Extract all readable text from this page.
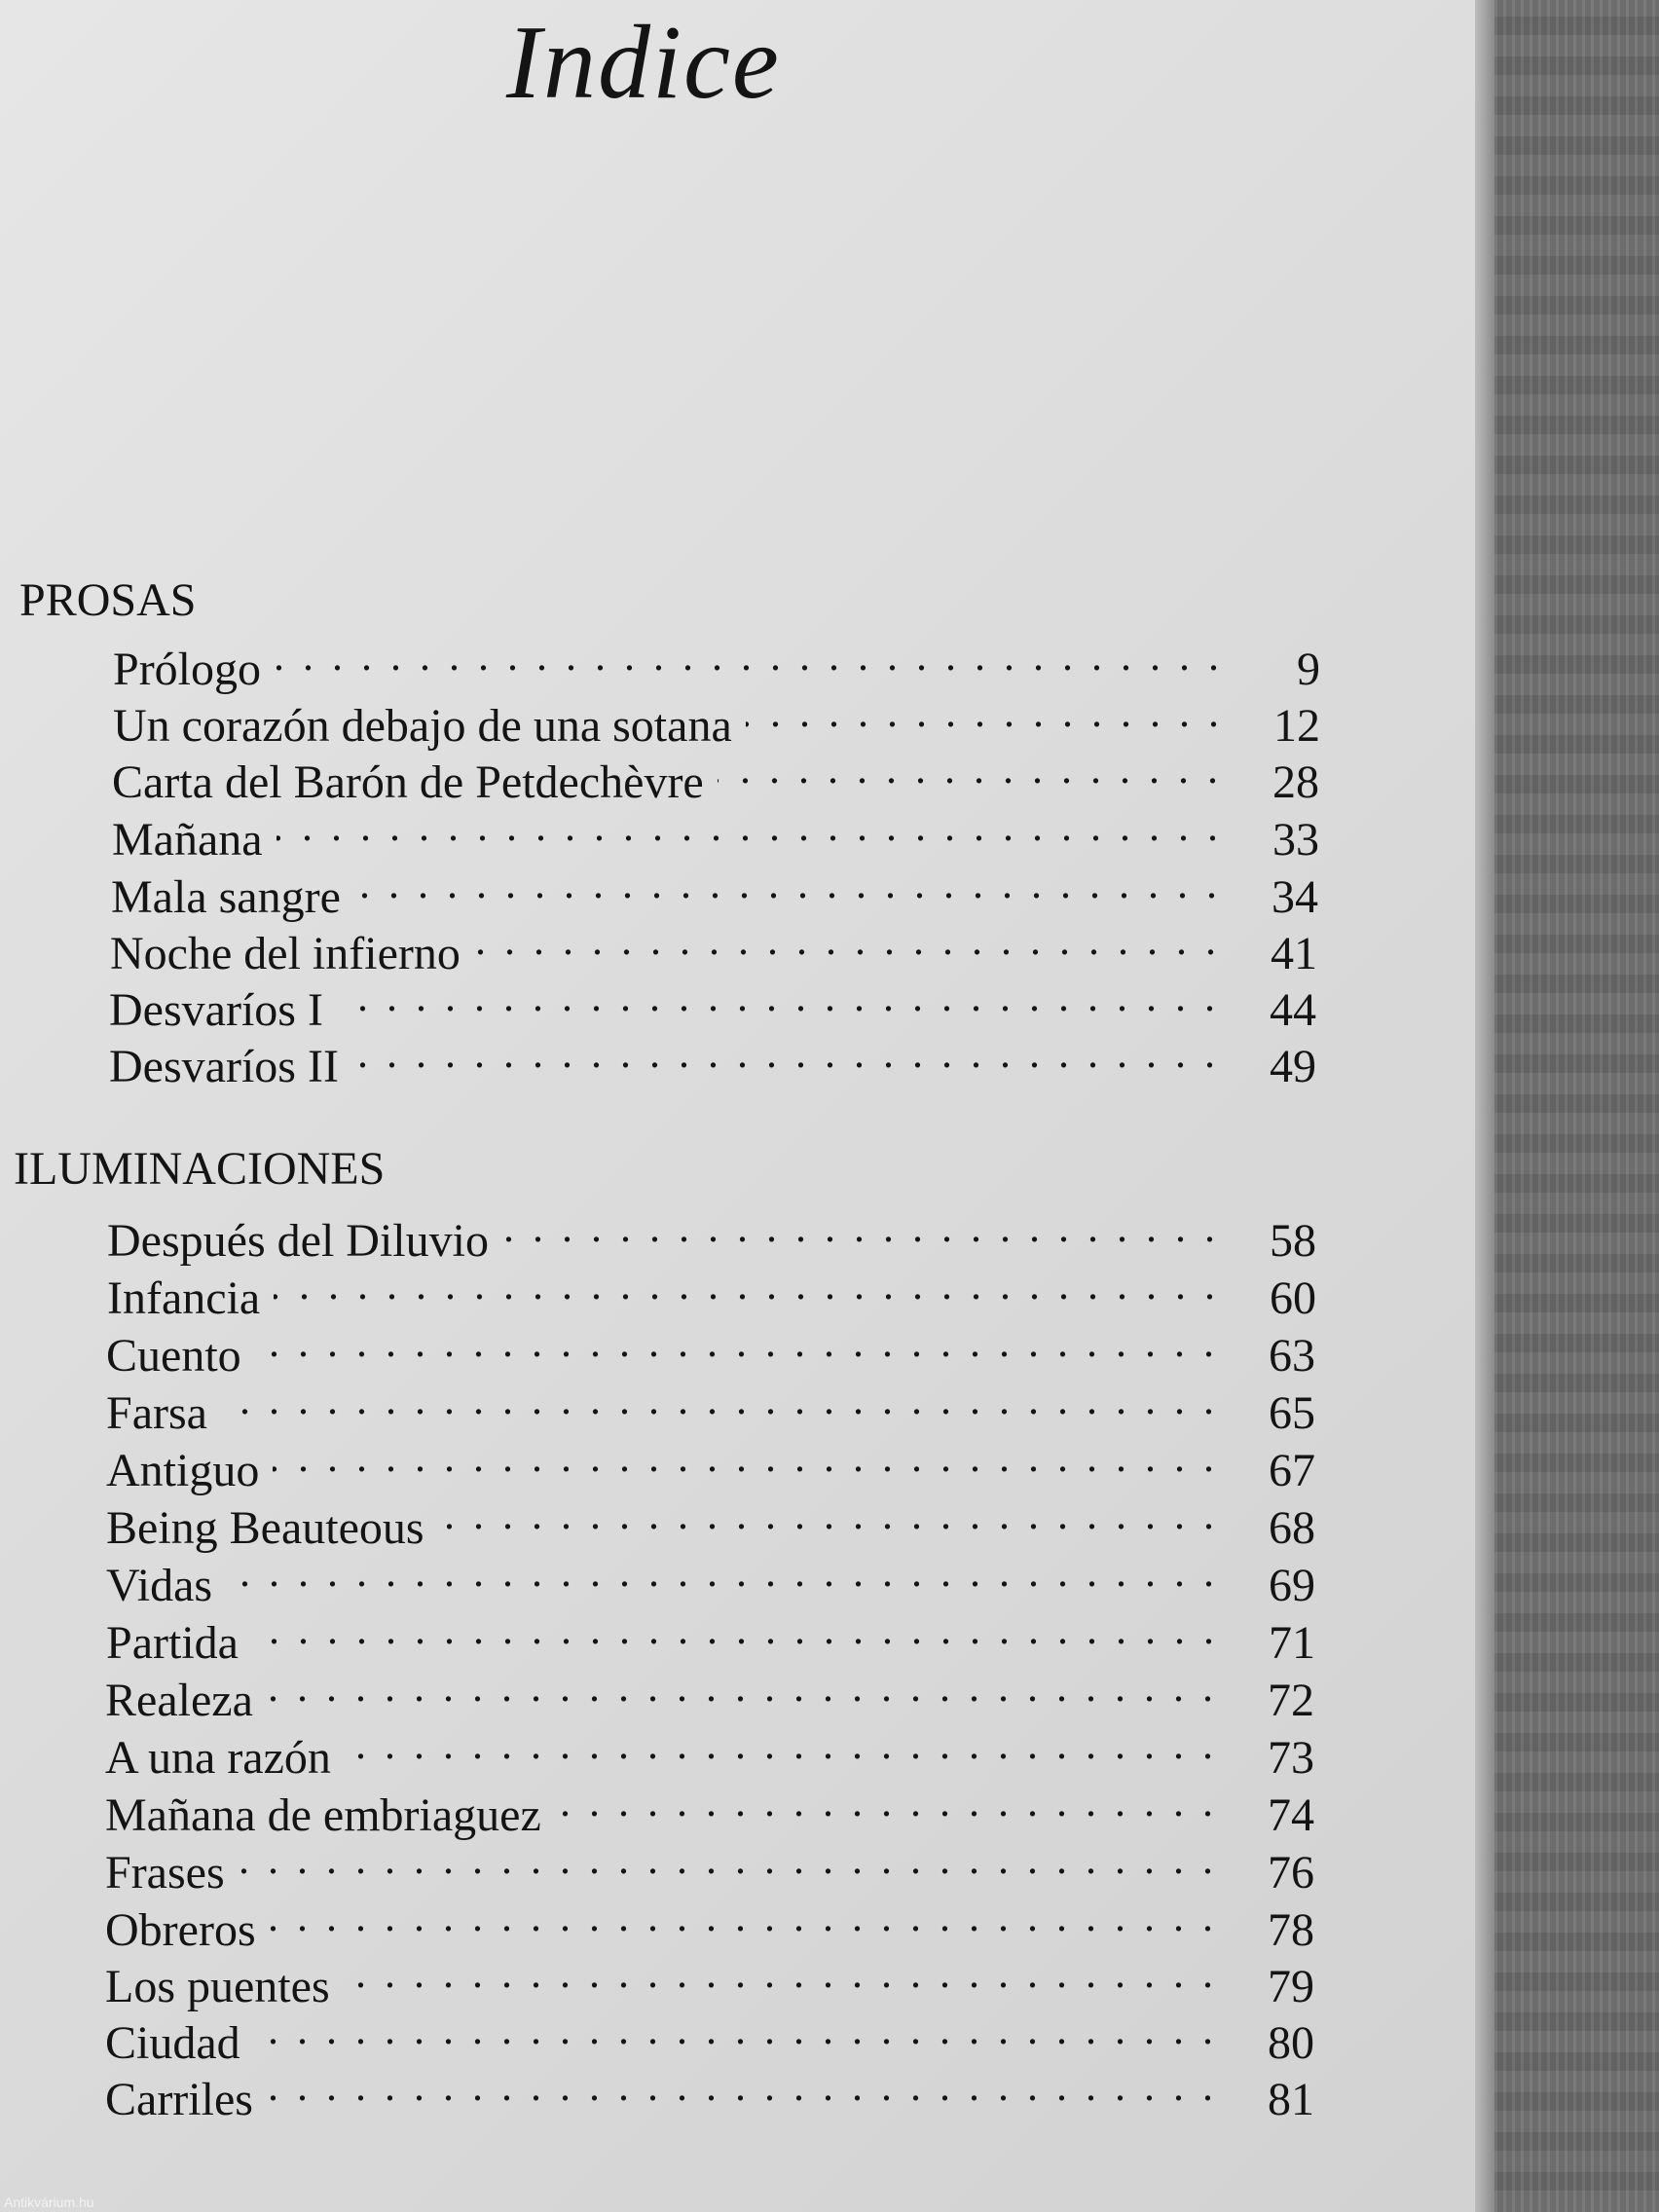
Indice
PROSAS
Prólogo . . .	9
Un corazón debajo de una sotana . . .	12
Carta del Barón de Petdechèvre . . .	28
Mañana . . .	33
Mala sangre . . .	34
Noche del infierno . . .	41
Desvaríos I . . .	44
Desvaríos II . . .	49
ILUMINACIONES
Después del Diluvio . . .	58
Infancia . . .	60
Cuento . . .	63
Farsa . . .	65
Antiguo . . .	67
Being Beauteous . . .	68
Vidas . . .	69
Partida . . .	71
Realeza . . .	72
A una razón . . .	73
Mañana de embriaguez . . .	74
Frases . . .	76
Obreros . . .	78
Los puentes . . .	79
Ciudad . . .	80
Carriles . . .	81
Antikvárium.hu
